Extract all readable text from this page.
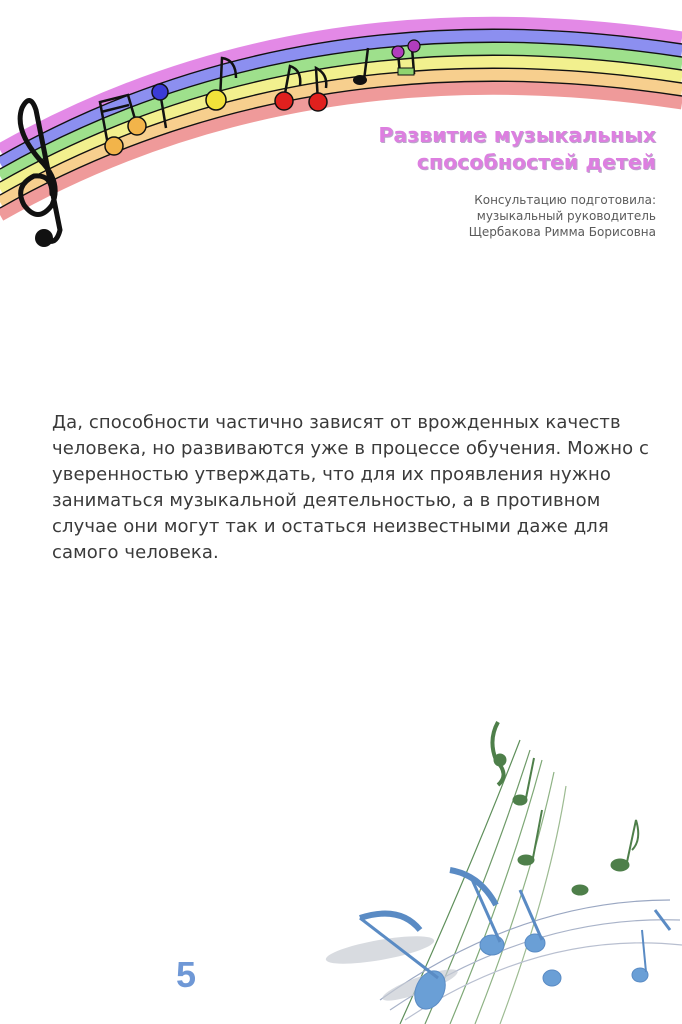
Развитие музыкальных
способностей детей
Консультацию подготовила:
музыкальный руководитель
Щербакова Римма Борисовна

Да, способности частично зависят от врожденных качеств человека, но развиваются уже в процессе обучения. Можно с уверенностью утверждать, что для их проявления нужно заниматься музыкальной деятельностью, а в противном случае они могут так и остаться неизвестными даже для самого человека.

5
